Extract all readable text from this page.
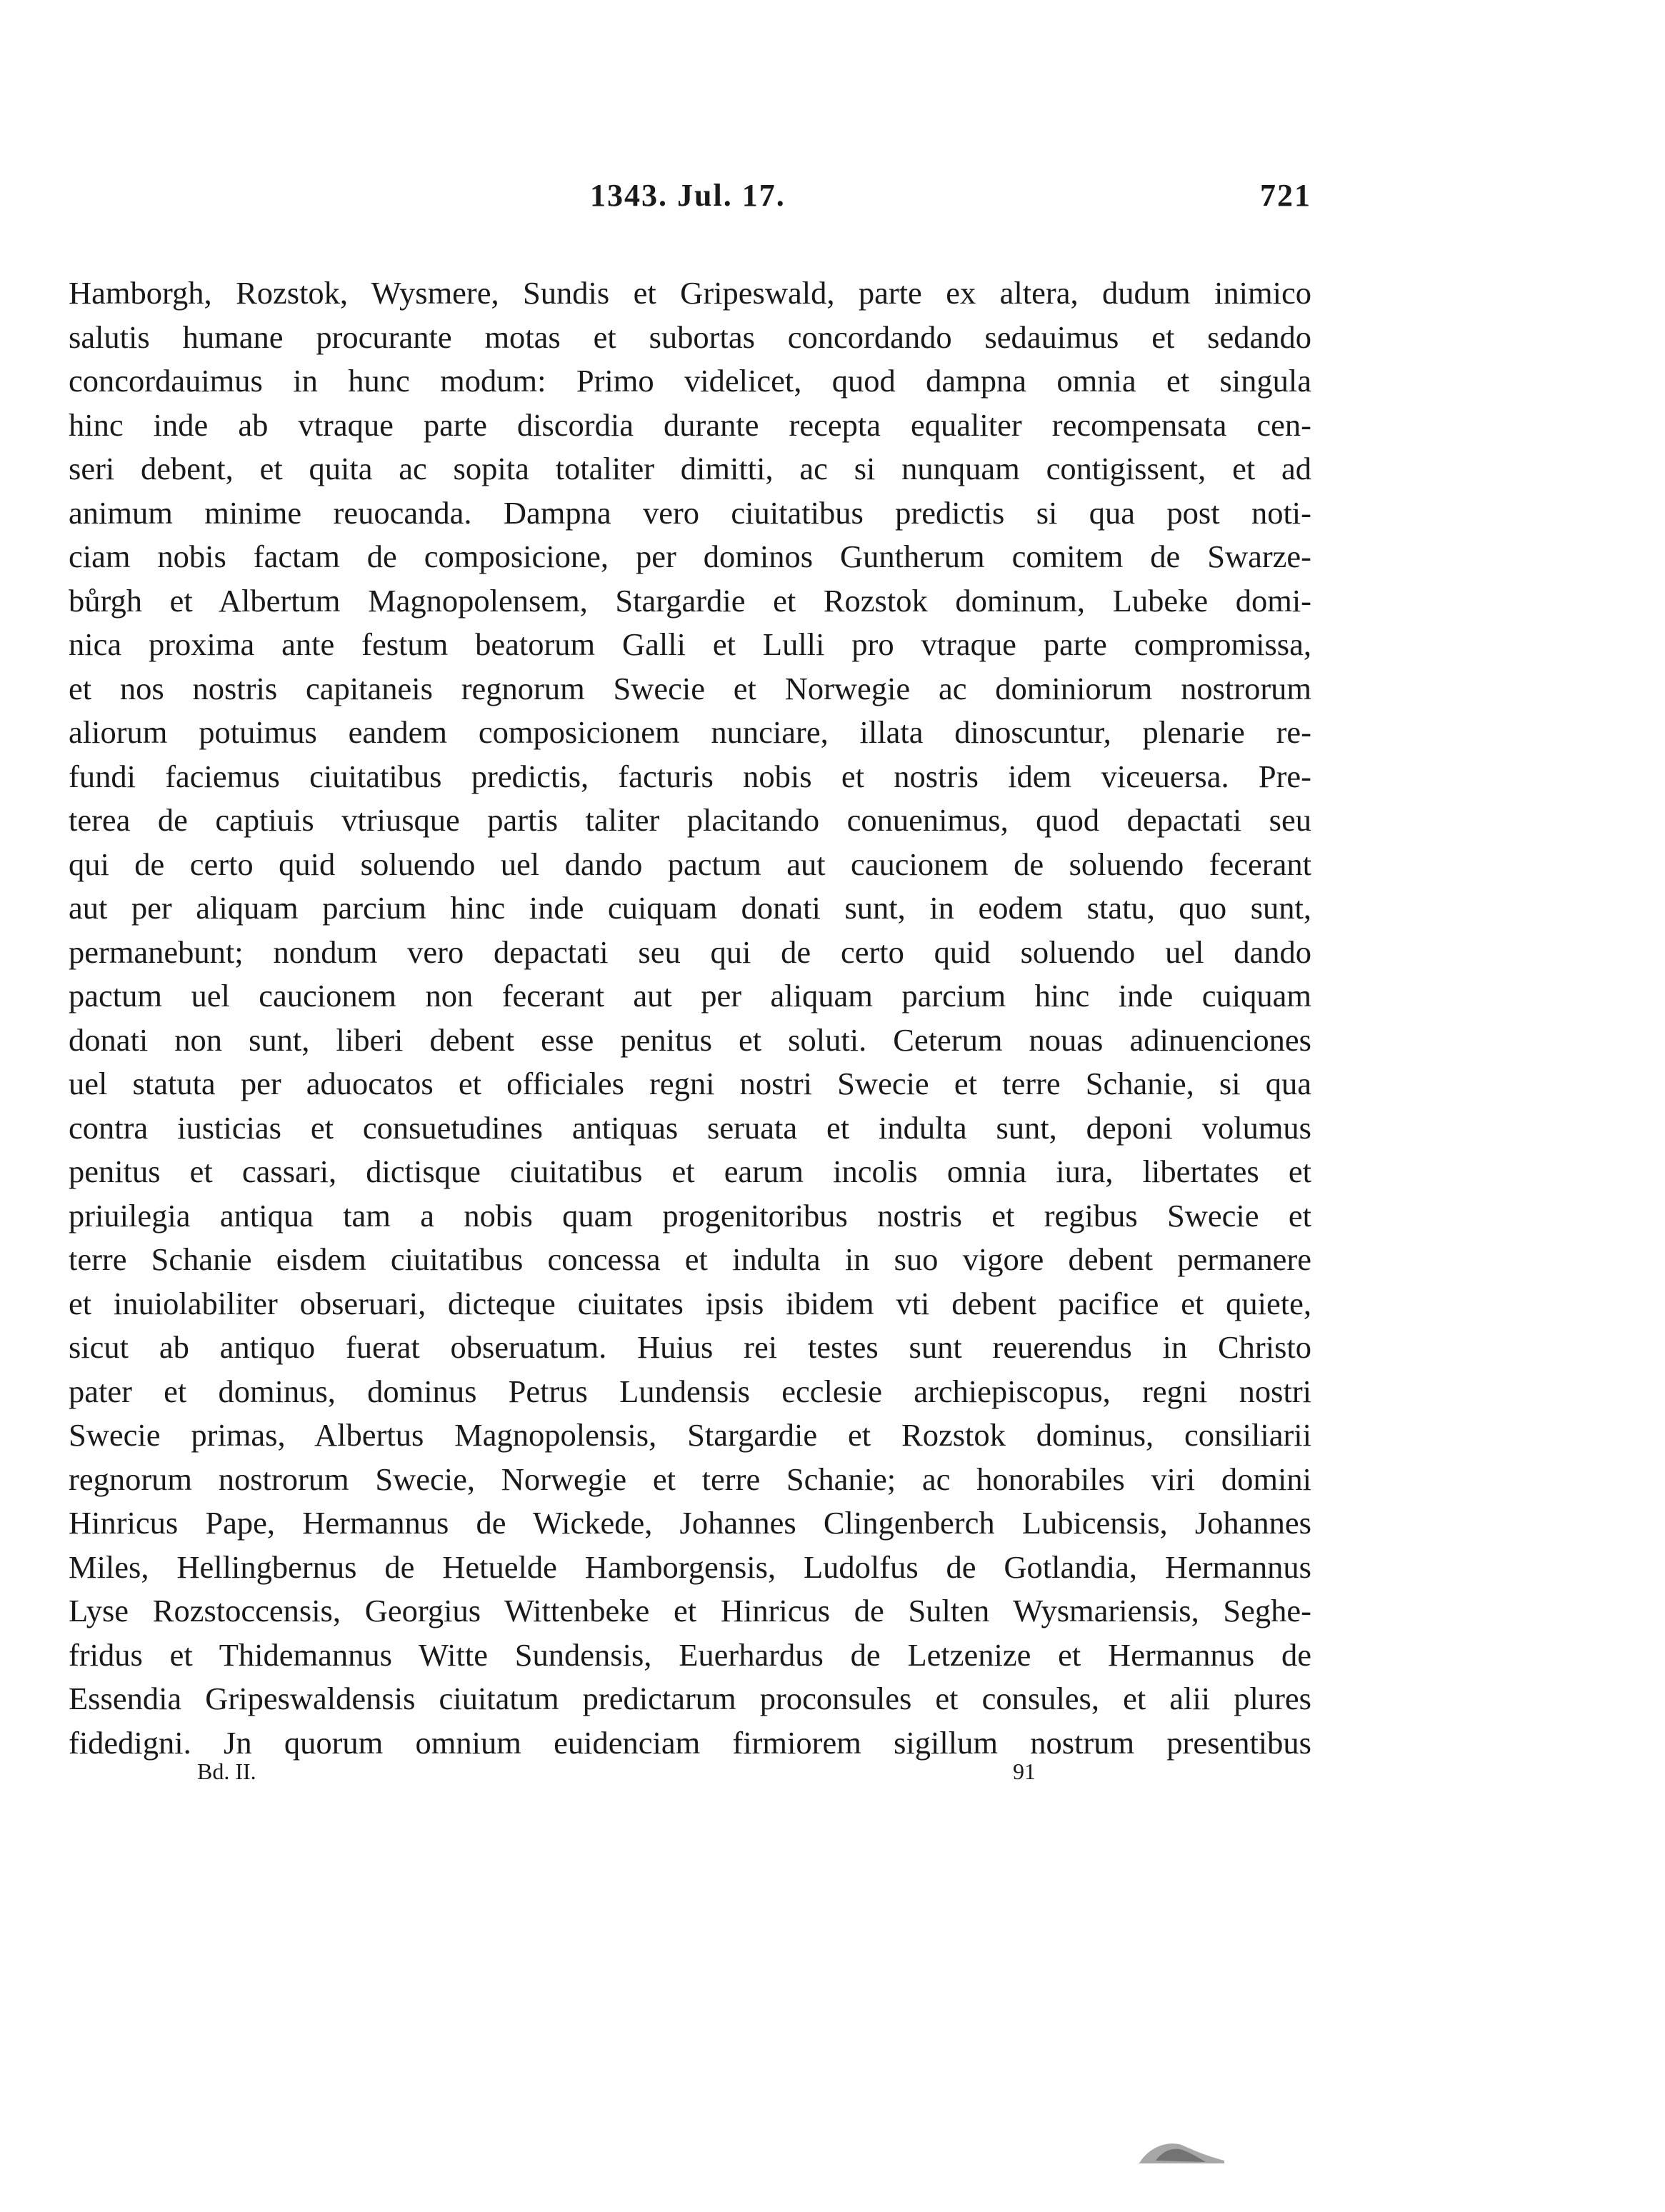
1343. Jul. 17.	721
Hamborgh, Rozstok, Wysmere, Sundis et Gripeswald, parte ex altera, dudum inimico
salutis humane procurante motas et subortas concordando sedauimus et sedando
concordauimus in hunc modum: Primo videlicet, quod dampna omnia et singula
hinc inde ab vtraque parte discordia durante recepta equaliter recompensata cen-
seri debent, et quita ac sopita totaliter dimitti, ac si nunquam contigissent, et ad
animum minime reuocanda. Dampna vero ciuitatibus predictis si qua post noti-
ciam nobis factam de composicione, per dominos Guntherum comitem de Swarze-
bůrgh et Albertum Magnopolensem, Stargardie et Rozstok dominum, Lubeke domi-
nica proxima ante festum beatorum Galli et Lulli pro vtraque parte compromissa,
et nos nostris capitaneis regnorum Swecie et Norwegie ac dominiorum nostrorum
aliorum potuimus eandem composicionem nunciare, illata dinoscuntur, plenarie re-
fundi faciemus ciuitatibus predictis, facturis nobis et nostris idem viceuersa. Pre-
terea de captiuis vtriusque partis taliter placitando conuenimus, quod depactati seu
qui de certo quid soluendo uel dando pactum aut caucionem de soluendo fecerant
aut per aliquam parcium hinc inde cuiquam donati sunt, in eodem statu, quo sunt,
permanebunt; nondum vero depactati seu qui de certo quid soluendo uel dando
pactum uel caucionem non fecerant aut per aliquam parcium hinc inde cuiquam
donati non sunt, liberi debent esse penitus et soluti. Ceterum nouas adinuenciones
uel statuta per aduocatos et officiales regni nostri Swecie et terre Schanie, si qua
contra iusticias et consuetudines antiquas seruata et indulta sunt, deponi volumus
penitus et cassari, dictisque ciuitatibus et earum incolis omnia iura, libertates et
priuilegia antiqua tam a nobis quam progenitoribus nostris et regibus Swecie et
terre Schanie eisdem ciuitatibus concessa et indulta in suo vigore debent permanere
et inuiolabiliter obseruari, dicteque ciuitates ipsis ibidem vti debent pacifice et quiete,
sicut ab antiquo fuerat obseruatum. Huius rei testes sunt reuerendus in Christo
pater et dominus, dominus Petrus Lundensis ecclesie archiepiscopus, regni nostri
Swecie primas, Albertus Magnopolensis, Stargardie et Rozstok dominus, consiliarii
regnorum nostrorum Swecie, Norwegie et terre Schanie; ac honorabiles viri domini
Hinricus Pape, Hermannus de Wickede, Johannes Clingenberch Lubicensis, Johannes
Miles, Hellingbernus de Hetuelde Hamborgensis, Ludolfus de Gotlandia, Hermannus
Lyse Rozstoccensis, Georgius Wittenbeke et Hinricus de Sulten Wysmariensis, Seghe-
fridus et Thidemannus Witte Sundensis, Euerhardus de Letzenize et Hermannus de
Essendia Gripeswaldensis ciuitatum predictarum proconsules et consules, et alii plures
fidedigni. Jn quorum omnium euidenciam firmiorem sigillum nostrum presentibus
Bd. II.	91
